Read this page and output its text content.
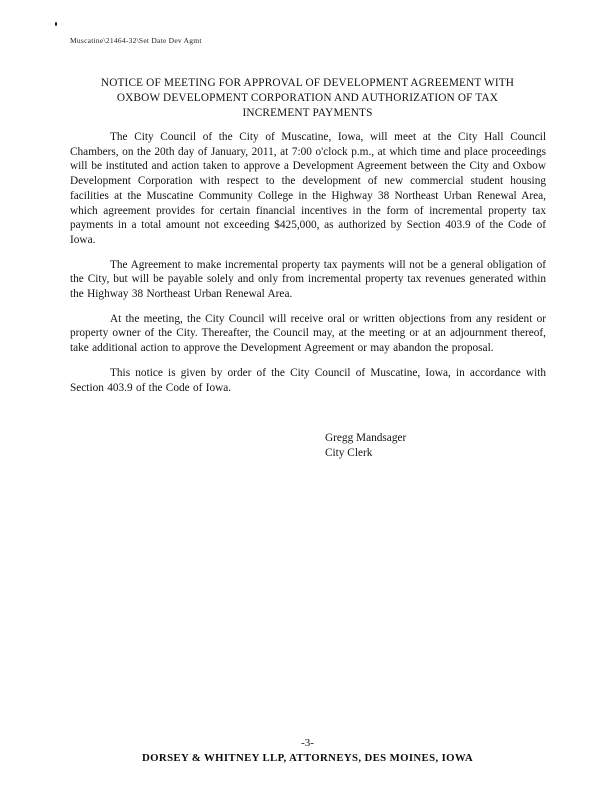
Muscatine\21464-32\Set Date Dev Agmt
NOTICE OF MEETING FOR APPROVAL OF DEVELOPMENT AGREEMENT WITH
OXBOW DEVELOPMENT CORPORATION AND AUTHORIZATION OF TAX
INCREMENT PAYMENTS

The City Council of the City of Muscatine, Iowa, will meet at the City Hall Council Chambers, on the 20th day of January, 2011, at 7:00 o'clock p.m., at which time and place proceedings will be instituted and action taken to approve a Development Agreement between the City and Oxbow Development Corporation with respect to the development of new commercial student housing facilities at the Muscatine Community College in the Highway 38 Northeast Urban Renewal Area, which agreement provides for certain financial incentives in the form of incremental property tax payments in a total amount not exceeding $425,000, as authorized by Section 403.9 of the Code of Iowa.

The Agreement to make incremental property tax payments will not be a general obligation of the City, but will be payable solely and only from incremental property tax revenues generated within the Highway 38 Northeast Urban Renewal Area.

At the meeting, the City Council will receive oral or written objections from any resident or property owner of the City. Thereafter, the Council may, at the meeting or at an adjournment thereof, take additional action to approve the Development Agreement or may abandon the proposal.

This notice is given by order of the City Council of Muscatine, Iowa, in accordance with Section 403.9 of the Code of Iowa.

Gregg Mandsager
City Clerk
-3-
DORSEY & WHITNEY LLP, ATTORNEYS, DES MOINES, IOWA
